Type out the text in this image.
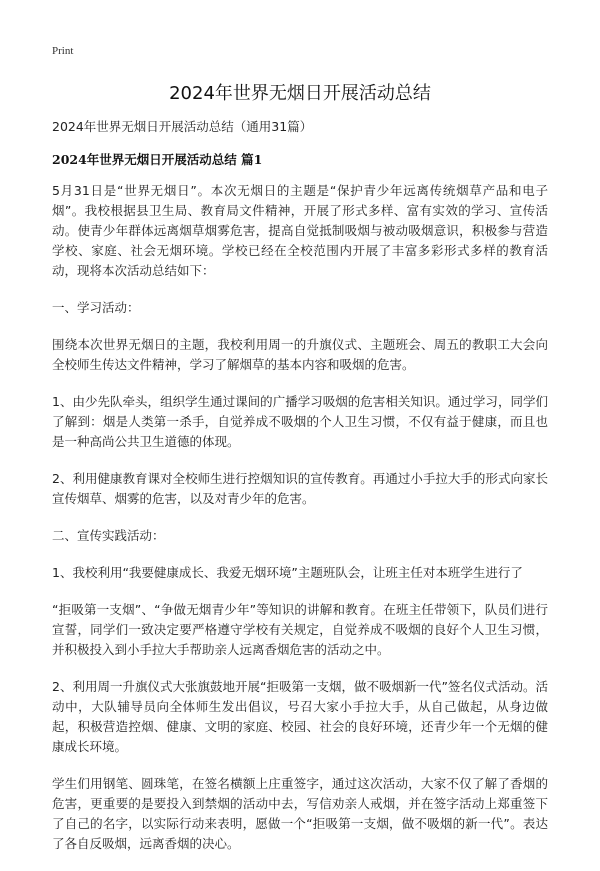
Print
2024年世界无烟日开展活动总结

2024年世界无烟日开展活动总结（通用31篇）

2024年世界无烟日开展活动总结 篇1

5月31日是“世界无烟日”。本次无烟日的主题是“保护青少年远离传统烟草产品和电子烟”。我校根据县卫生局、教育局文件精神，开展了形式多样、富有实效的学习、宣传活动。使青少年群体远离烟草烟雾危害，提高自觉抵制吸烟与被动吸烟意识，积极参与营造学校、家庭、社会无烟环境。学校已经在全校范围内开展了丰富多彩形式多样的教育活动，现将本次活动总结如下：

一、学习活动：

围绕本次世界无烟日的主题，我校利用周一的升旗仪式、主题班会、周五的教职工大会向全校师生传达文件精神，学习了解烟草的基本内容和吸烟的危害。

1、由少先队牵头，组织学生通过课间的广播学习吸烟的危害相关知识。通过学习，同学们了解到：烟是人类第一杀手，自觉养成不吸烟的个人卫生习惯，不仅有益于健康，而且也是一种高尚公共卫生道德的体现。

2、利用健康教育课对全校师生进行控烟知识的宣传教育。再通过小手拉大手的形式向家长宣传烟草、烟雾的危害，以及对青少年的危害。

二、宣传实践活动：

1、我校利用“我要健康成长、我爱无烟环境”主题班队会，让班主任对本班学生进行了

“拒吸第一支烟”、“争做无烟青少年”等知识的讲解和教育。在班主任带领下，队员们进行宣誓，同学们一致决定要严格遵守学校有关规定，自觉养成不吸烟的良好个人卫生习惯，并积极投入到小手拉大手帮助亲人远离香烟危害的活动之中。

2、利用周一升旗仪式大张旗鼓地开展“拒吸第一支烟，做不吸烟新一代”签名仪式活动。活动中，大队辅导员向全体师生发出倡议，号召大家小手拉大手，从自己做起，从身边做起，积极营造控烟、健康、文明的家庭、校园、社会的良好环境，还青少年一个无烟的健康成长环境。

学生们用钢笔、圆珠笔，在签名横额上庄重签字，通过这次活动，大家不仅了解了香烟的危害，更重要的是要投入到禁烟的活动中去，写信劝亲人戒烟，并在签字活动上郑重签下了自己的名字，以实际行动来表明，愿做一个“拒吸第一支烟，做不吸烟的新一代”。表达了各自反吸烟，远离香烟的决心。
